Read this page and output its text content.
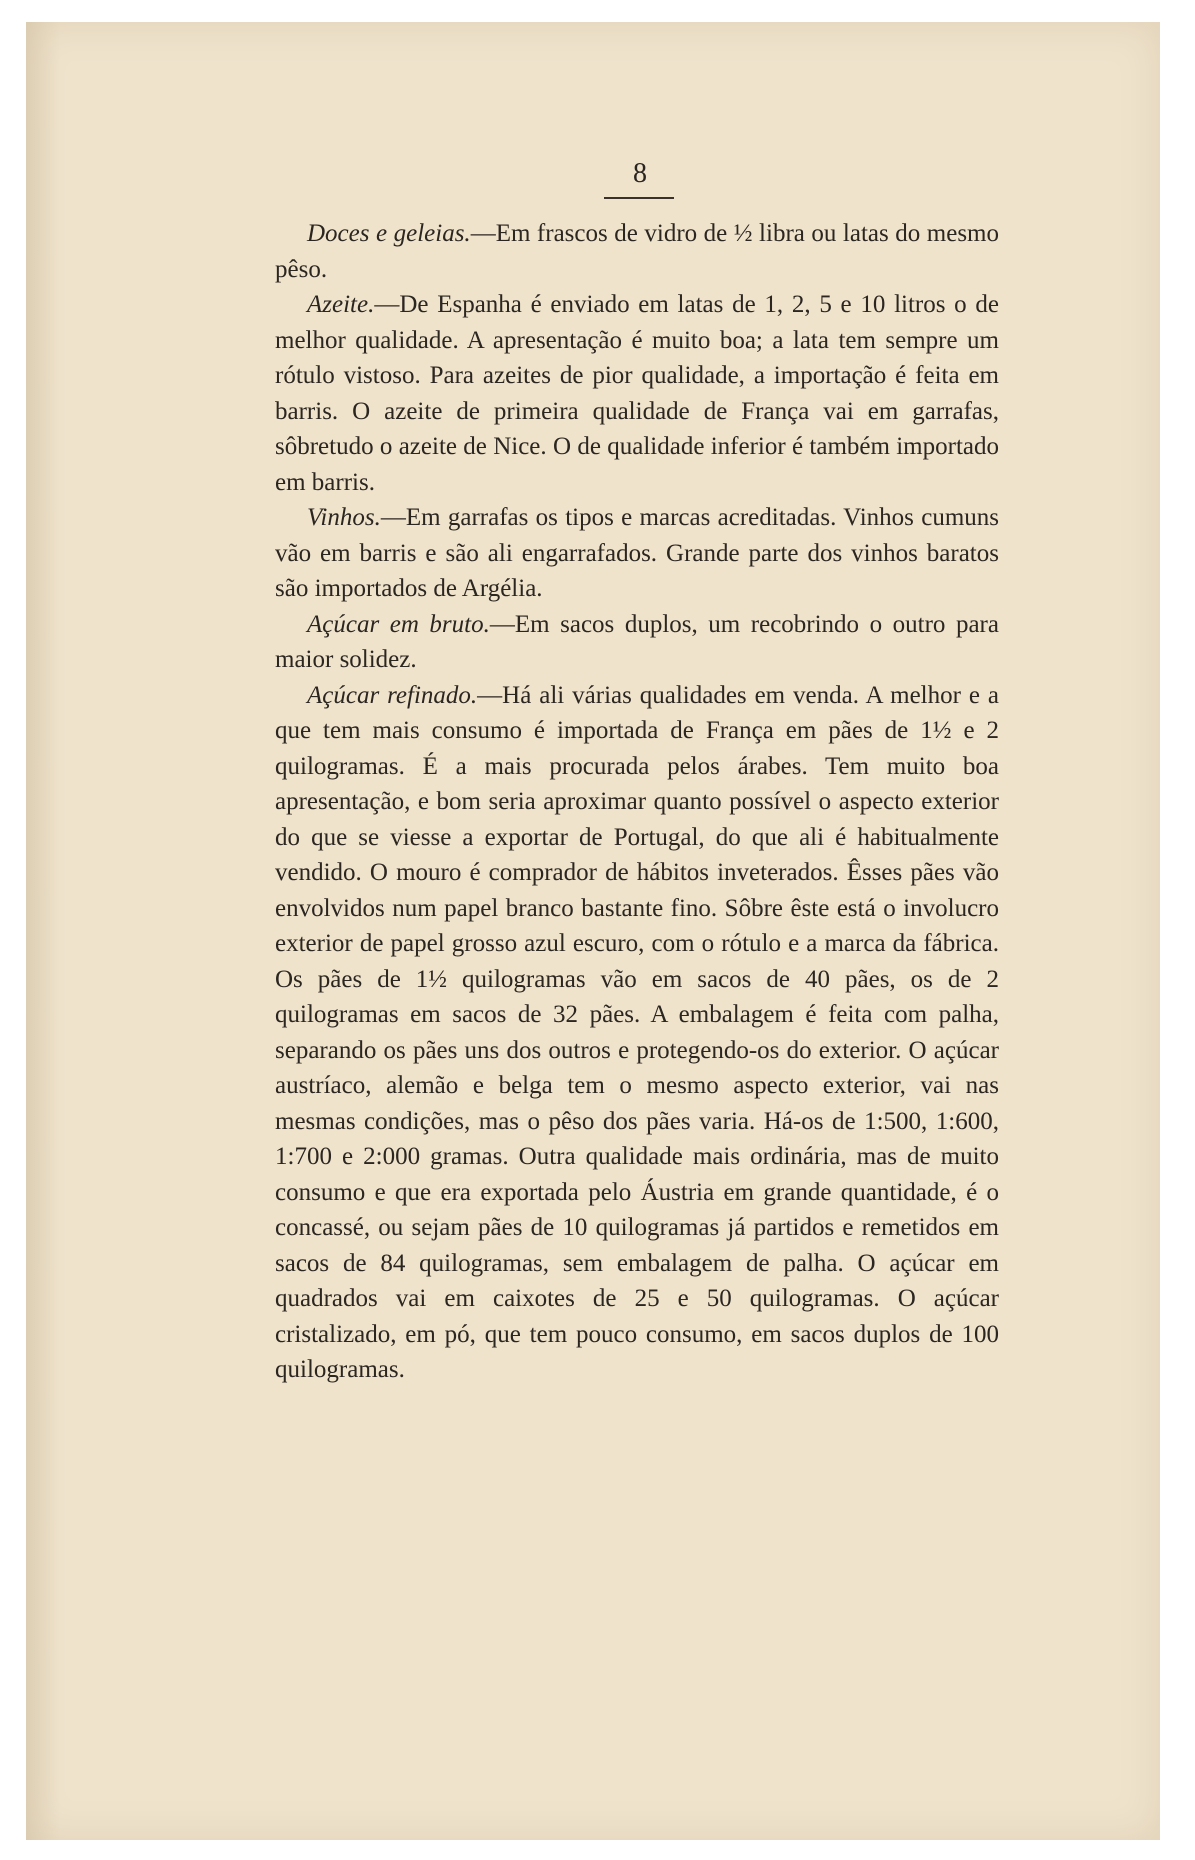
8

Doces e geleias.—Em frascos de vidro de ½ libra ou latas do mesmo pêso.

Azeite.—De Espanha é enviado em latas de 1, 2, 5 e 10 litros o de melhor qualidade. A apresentação é muito boa; a lata tem sempre um rótulo vistoso. Para azeites de pior qualidade, a importação é feita em barris. O azeite de primeira qualidade de França vai em garrafas, sôbretudo o azeite de Nice. O de qualidade inferior é também importado em barris.

Vinhos.—Em garrafas os tipos e marcas acreditadas. Vinhos cumuns vão em barris e são ali engarrafados. Grande parte dos vinhos baratos são importados de Argélia.

Açúcar em bruto.—Em sacos duplos, um recobrindo o outro para maior solidez.

Açúcar refinado.—Há ali várias qualidades em venda. A melhor e a que tem mais consumo é importada de França em pães de 1½ e 2 quilogramas. É a mais procurada pelos árabes. Tem muito boa apresentação, e bom seria aproximar quanto possível o aspecto exterior do que se viesse a exportar de Portugal, do que ali é habitualmente vendido. O mouro é comprador de hábitos inveterados. Êsses pães vão envolvidos num papel branco bastante fino. Sôbre êste está o involucro exterior de papel grosso azul escuro, com o rótulo e a marca da fábrica. Os pães de 1½ quilogramas vão em sacos de 40 pães, os de 2 quilogramas em sacos de 32 pães. A embalagem é feita com palha, separando os pães uns dos outros e protegendo-os do exterior. O açúcar austríaco, alemão e belga tem o mesmo aspecto exterior, vai nas mesmas condições, mas o pêso dos pães varia. Há-os de 1:500, 1:600, 1:700 e 2:000 gramas. Outra qualidade mais ordinária, mas de muito consumo e que era exportada pelo Áustria em grande quantidade, é o concassé, ou sejam pães de 10 quilogramas já partidos e remetidos em sacos de 84 quilogramas, sem embalagem de palha. O açúcar em quadrados vai em caixotes de 25 e 50 quilogramas. O açúcar cristalizado, em pó, que tem pouco consumo, em sacos duplos de 100 quilogramas.
